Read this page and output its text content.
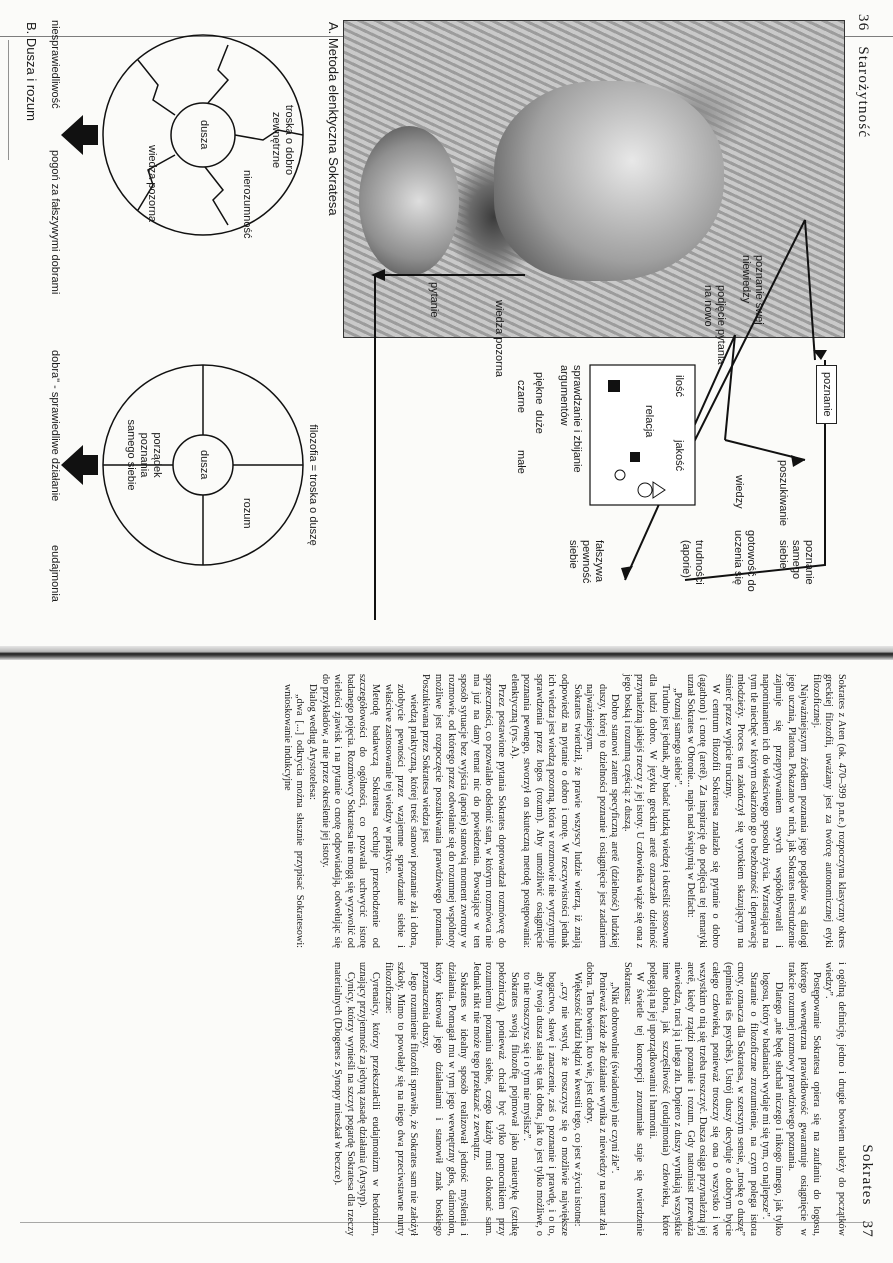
36 Starożytność
poznanie
poszukiwanie
wiedzy
poznanie samego siebie
gotowość do uczenia się
trudności (aporie)
poznanie swej niewiedzy
podjęcie pytania na nowo
sprawdzanie i zbijanie argumentów
fałszywa pewność siebie
ilość
jakość
relacja
piękne
duże
czarne
małe
wiedza pozorna
pytanie
A. Metoda elenktyczna Sokratesa
troska o dobro zewnętrzne
nierozumność
wiedza pozorna
dusza
niesprawiedliwość
pogoń za fałszywymi dobrami
filozofia = troska o duszę
rozum
porządek poznania samego siebie	dusza
dobra" - sprawiedliwe działanie
eudajmonia
B. Dusza i rozum
Sokrates 37

Sokrates z Aten (ok. 470–399 p.n.e.) rozpoczyna klasyczny okres greckiej filozofii, uważany jest za twórcę autonomicznej etyki filozoficznej.

Najważniejszym źródłem poznania jego poglądów są dialogi jego ucznia, Platona. Pokazano w nich, jak Sokrates niestrudzenie zajmuje się przepytywaniem swych współobywateli i napominaniem ich do właściwego sposobu życia. Wzrastająca na tym tle niechęć w którym oskarżono go o bezbożność i deprawację młodzieży. Proces ten zakończył się wyrokiem skazującym na śmierć przez wypicie trucizny.

W centrum filozofii Sokratesa znalazło się pytanie o dobro (agathon) i cnotę (aretē). Za inspirację do podjęcia tej tematyki uznał Sokrates w Obronie... napis nad świątynią w Delfach:

„Poznaj samego siebie”.

Trudno jest jednak, aby badać ludzką wiedzę i określić stosowne dla ludzi dobro. W języku greckim aretē oznaczało dzielność przynależną jakiejś rzeczy z jej istoty. U człowieka wiąże się ona z jego boską i rozumną częścią: z duszą.

Dobro stanowi zatem specyficzną aretē (dzielność) ludzkiej duszy, której to dzielności poznanie i osiągnięcie jest zadaniem najważniejszym.

Sokrates twierdził, że prawie wszyscy ludzie wierzą, iż znają odpowiedź na pytanie o dobro i cnotę. W rzeczywistości jednak ich wiedza jest wiedzą pozorną, która w rozmowie nie wytrzymuje sprawdzenia przez logos (rozum). Aby umożliwić osiągnięcie poznania pewnego, stworzył on skuteczną metodę postępowania: elenktyczną (rys. A).

Przez postawione pytania Sokrates doprowadzał rozmówcę do sprzeczności, co pozwalało odsłonić stan, w którym rozmówca nie ma już na dany temat nic do powiedzenia. Powstające w ten sposób sytuacje bez wyjścia (aporie) stanowią moment zwrotny w rozmowie, od którego przez odwołanie się do rozumnej wspólnoty możliwe jest rozpoczęcie poszukiwania prawdziwego poznania. Poszukiwana przez Sokratesa wiedza jest

wiedzą praktyczną, której treść stanowi poznanie zła i dobra, zdobycie pewności przez wzajemne sprawdzanie siebie i właściwe zastosowanie tej wiedzy w praktyce.

Metodę badawczą Sokratesa cechuje przechodzenie od szczegółowości do ogólności, co pozwala uchwycić istotę badanego pojęcia. Rozmówcy Sokratesa nie mogą się wyzwolić od wielości zjawisk i na pytanie o cnotę odpowiadają, odwołując się do przykładów, a nie przez określenie jej istoty.

Dialog według Arystotelesa:

„dwa [...] odkrycia można słusznie przypisać Sokratesowi: wnioskowanie indukcyjne

i ogólną definicję, jedno i drugie bowiem należy do początków wiedzy”.

Postępowanie Sokratesa opiera się na zaufaniu do logosu, którego wewnętrzna prawidłowość gwarantuje osiągnięcie w trakcie rozumnej rozmowy prawdziwego poznania.

Dlatego „nie będę słuchał niczego i nikogo innego, jak tylko logosu, który w badaniach wydaje mi się tym, co najlepsze”.

Staranie o filozoficzne zrozumienie, na czym polega istota cnoty, oznacza dla Sokratesa, w szerszym sensie, „troskę o duszę” (epimeleia tēs psychēs). Ustrój duszy decyduje o dobrym bycie całego człowieka, ponieważ troszczy się ona o wszystko i we wszystkim o nią się trzeba troszczyć. Dusza osiąga przynależną jej aretē, kiedy rządzi poznanie i rozum. Gdy natomiast przeważa niewiedza, traci ją i ulega złu. Dopiero z duszy wynikają wszystkie inne dobra, jak szczęśliwość (eudajmonia) człowieka, które polegają na jej uporządkowaniu i harmonii.

W świetle tej koncepcji zrozumiałe staje się twierdzenie Sokratesa:

„Nikt dobrowolnie (świadomie) nie czyni źle”.

Ponieważ każde złe działanie wynika z niewiedzy na temat zła i dobra. Ten bowiem, kto wie, jest dobry.

Większość ludzi błądzi w kwestii tego, co jest w życiu istotne:

„czy nie wstyd, że troszczysz się o możliwie największe bogactwo, sławę i znaczenie, zaś o poznanie i prawdę, i o to, aby twoja dusza stała się tak dobra, jak to jest tylko możliwe, o to nie troszczysz się i o tym nie myślisz”.

Sokrates swoją filozofię pojmował jako maieutykę (sztukę położniczą), ponieważ chciał być tylko pomocnikiem przy rozumiemu poznaniu siebie, czego każdy musi dokonać sam. Jednak nikt nie może tego przekazać z zewnątrz.

Sokrates w idealny sposób realizował jedność myślenia i działania. Pomagał mu w tym jego wewnętrzny głos, daimonion, który kierował jego działaniami i stanowił znak boskiego przeznaczenia duszy.

Jego rozumienie filozofii sprawiło, że Sokrates sam nie założył szkoły. Mimo to powołały się na niego dwa przeciwstawne nurty filozoficzne:

Cyrenaicy, którzy przekształcili eudajmonizm w hedonizm, uznający przyjemność za jedyną zasadę działania (Arystyp).

Cynicy, którzy wynieśli na szczyt pogardę Sokratesa dla rzeczy materialnych (Diogenes z Synopy mieszkał w beczce).
